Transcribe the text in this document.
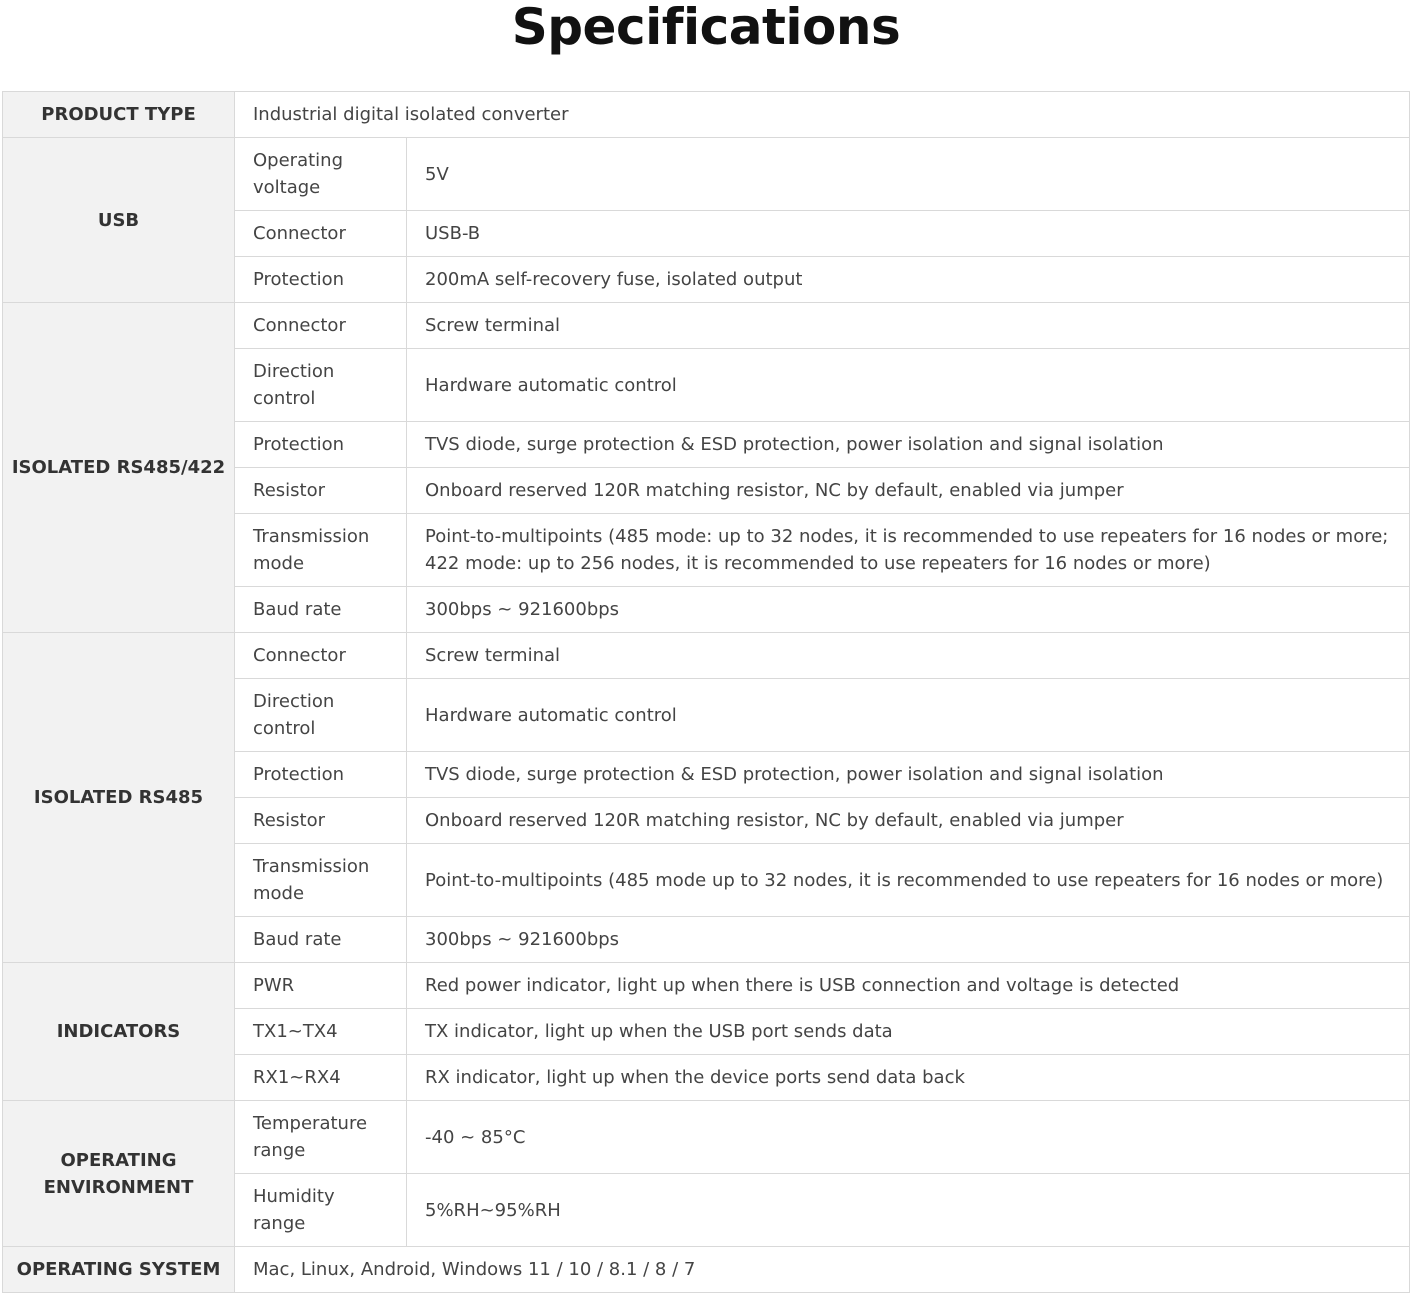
Specifications
PRODUCT TYPE	Industrial digital isolated converter	
USB	Operating voltage	5V
	Connector	USB-B
	Protection	200mA self-recovery fuse, isolated output
ISOLATED RS485/422	Connector	Screw terminal
	Direction control	Hardware automatic control
	Protection	TVS diode, surge protection & ESD protection, power isolation and signal isolation
	Resistor	Onboard reserved 120R matching resistor, NC by default, enabled via jumper
	Transmission mode	Point-to-multipoints (485 mode: up to 32 nodes, it is recommended to use repeaters for 16 nodes or more; 422 mode: up to 256 nodes, it is recommended to use repeaters for 16 nodes or more)
	Baud rate	300bps ~ 921600bps
ISOLATED RS485	Connector	Screw terminal
	Direction control	Hardware automatic control
	Protection	TVS diode, surge protection & ESD protection, power isolation and signal isolation
	Resistor	Onboard reserved 120R matching resistor, NC by default, enabled via jumper
	Transmission mode	Point-to-multipoints (485 mode up to 32 nodes, it is recommended to use repeaters for 16 nodes or more)
	Baud rate	300bps ~ 921600bps
INDICATORS	PWR	Red power indicator, light up when there is USB connection and voltage is detected
	TX1~TX4	TX indicator, light up when the USB port sends data
	RX1~RX4	RX indicator, light up when the device ports send data back
OPERATING ENVIRONMENT	Temperature range	-40 ~ 85°C
	Humidity range	5%RH~95%RH
OPERATING SYSTEM	Mac, Linux, Android, Windows 11 / 10 / 8.1 / 8 / 7	
